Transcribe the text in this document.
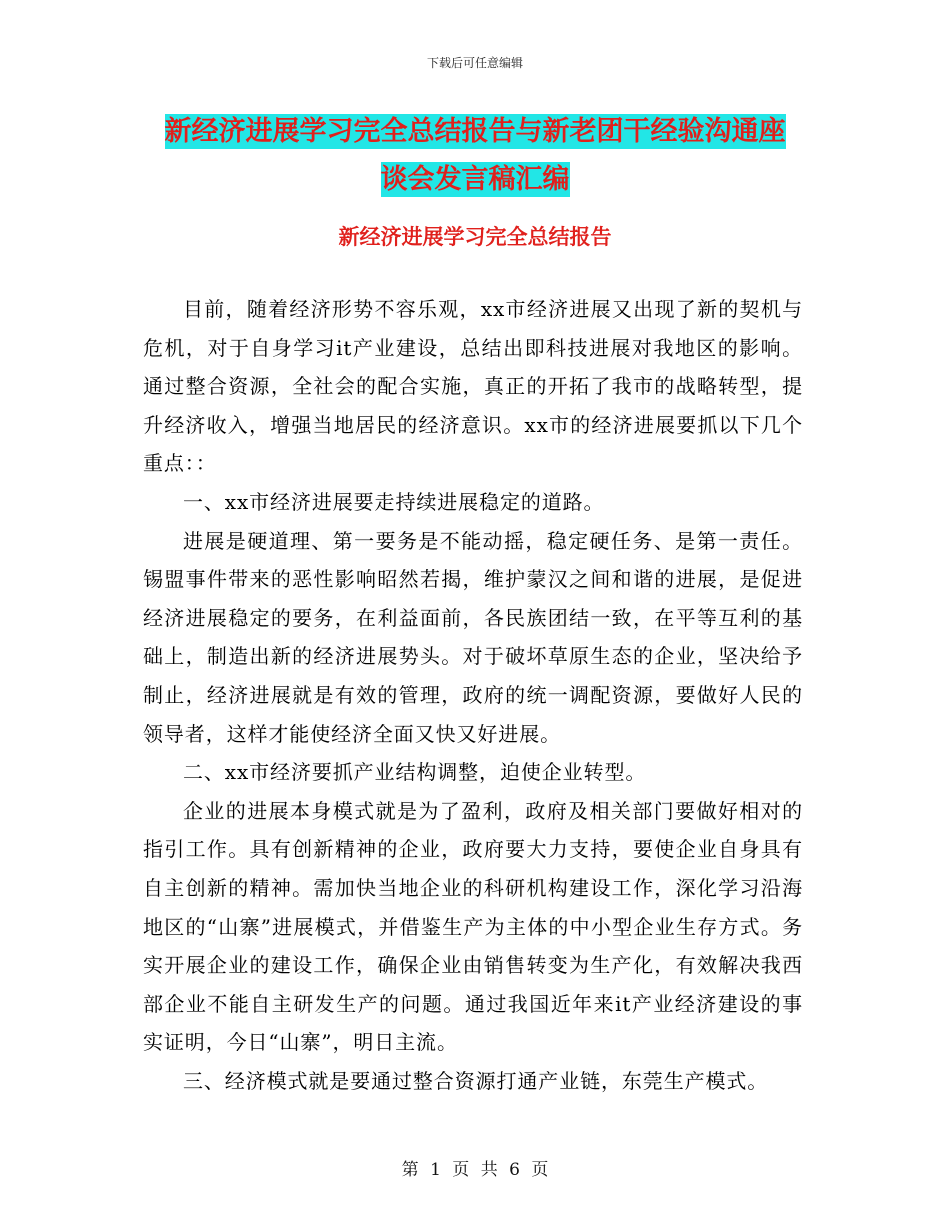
下载后可任意编辑
新经济进展学习完全总结报告与新老团干经验沟通座
谈会发言稿汇编
新经济进展学习完全总结报告

目前，随着经济形势不容乐观，xx市经济进展又出现了新的契机与危机，对于自身学习it产业建设，总结出即科技进展对我地区的影响。通过整合资源，全社会的配合实施，真正的开拓了我市的战略转型，提升经济收入，增强当地居民的经济意识。xx市的经济进展要抓以下几个重点：：

一、xx市经济进展要走持续进展稳定的道路。

进展是硬道理、第一要务是不能动摇，稳定硬任务、是第一责任。锡盟事件带来的恶性影响昭然若揭，维护蒙汉之间和谐的进展，是促进经济进展稳定的要务，在利益面前，各民族团结一致，在平等互利的基础上，制造出新的经济进展势头。对于破坏草原生态的企业，坚决给予制止，经济进展就是有效的管理，政府的统一调配资源，要做好人民的领导者，这样才能使经济全面又快又好进展。

二、xx市经济要抓产业结构调整，迫使企业转型。

企业的进展本身模式就是为了盈利，政府及相关部门要做好相对的指引工作。具有创新精神的企业，政府要大力支持，要使企业自身具有自主创新的精神。需加快当地企业的科研机构建设工作，深化学习沿海地区的“山寨”进展模式，并借鉴生产为主体的中小型企业生存方式。务实开展企业的建设工作，确保企业由销售转变为生产化，有效解决我西部企业不能自主研发生产的问题。通过我国近年来it产业经济建设的事实证明，今日“山寨”，明日主流。

三、经济模式就是要通过整合资源打通产业链，东莞生产模式。

第 1 页 共 6 页
